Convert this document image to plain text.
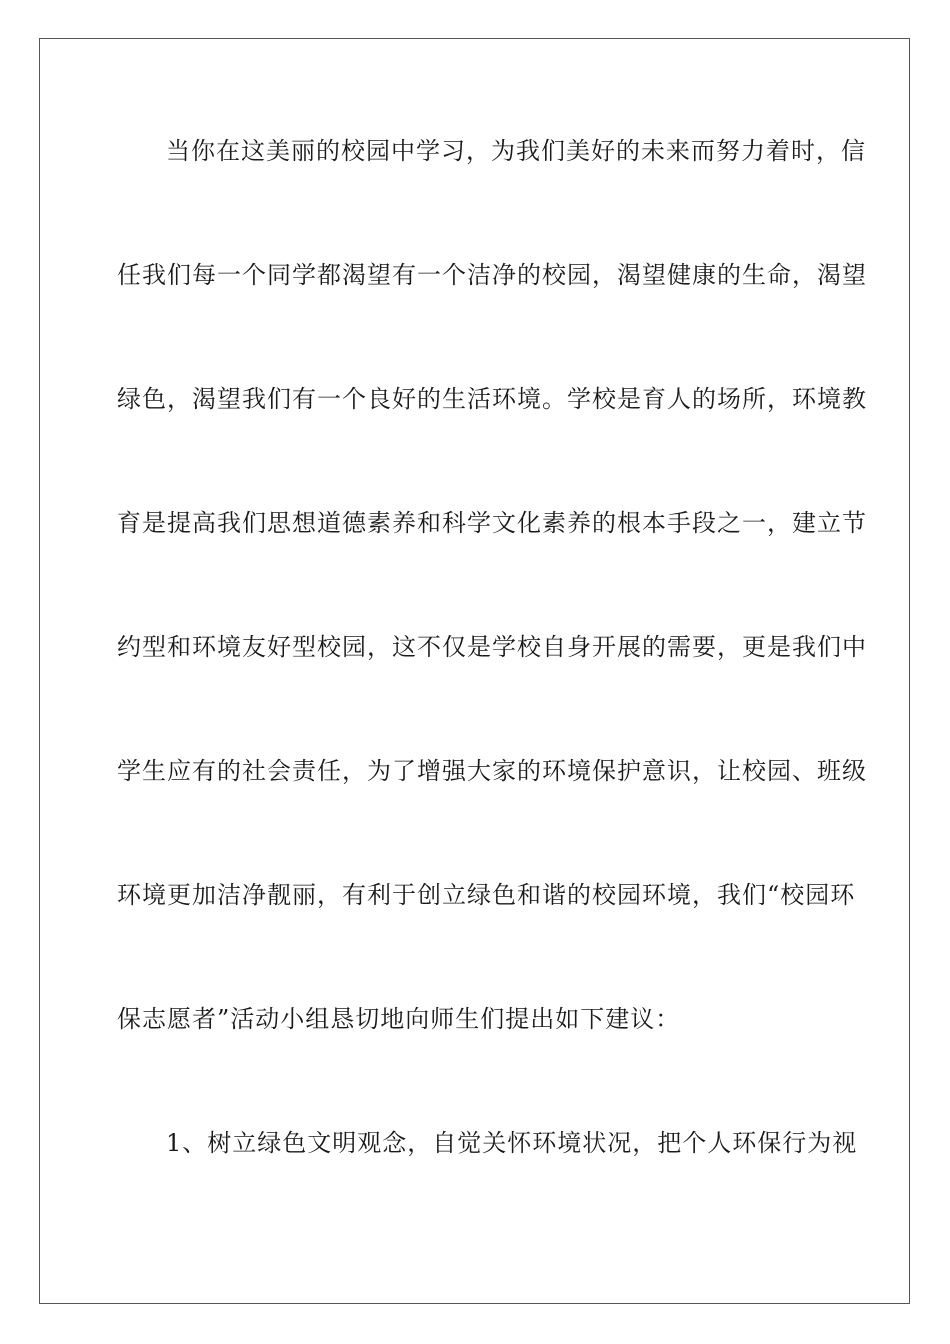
当你在这美丽的校园中学习，为我们美好的未来而努力着时，信
任我们每一个同学都渴望有一个洁净的校园，渴望健康的生命，渴望
绿色，渴望我们有一个良好的生活环境。学校是育人的场所，环境教
育是提高我们思想道德素养和科学文化素养的根本手段之一，建立节
约型和环境友好型校园，这不仅是学校自身开展的需要，更是我们中
学生应有的社会责任，为了增强大家的环境保护意识，让校园、班级
环境更加洁净靓丽，有利于创立绿色和谐的校园环境，我们“校园环
保志愿者”活动小组恳切地向师生们提出如下建议：
1、树立绿色文明观念，自觉关怀环境状况，把个人环保行为视
